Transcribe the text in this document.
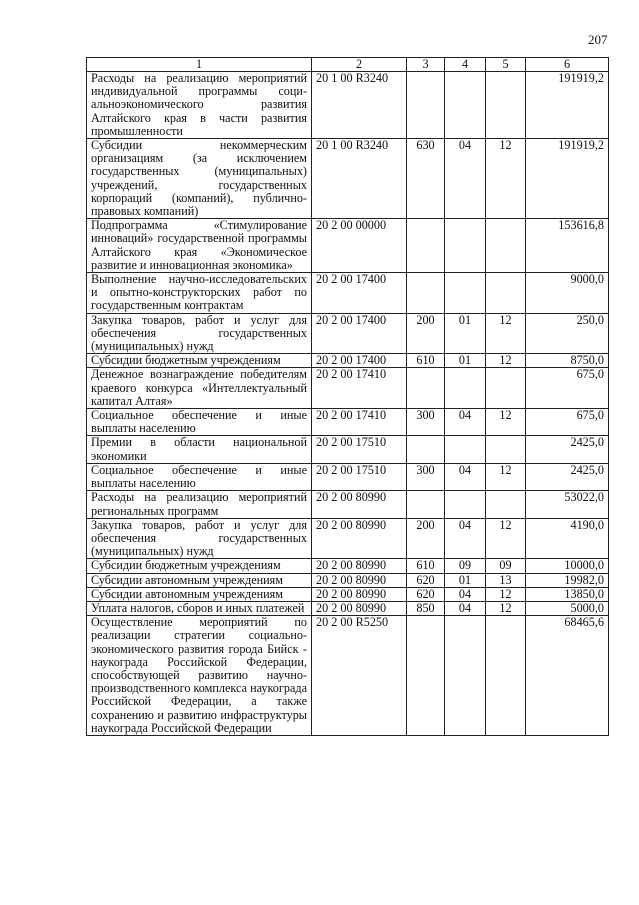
207
1	2	3	4	5	6
Расходы на реализацию мероприятий индивидуальной программы соци-альноэкономического развития Алтайского края в части развития промышленности	20 1 00 R3240				191919,2
Субсидии некоммерческим организациям (за исключением государственных (муниципальных) учреждений, государственных корпораций (компаний), публично-правовых компаний)	20 1 00 R3240	630	04	12	191919,2
Подпрограмма «Стимулирование инноваций» государственной программы Алтайского края «Экономическое развитие и инновационная экономика»	20 2 00 00000				153616,8
Выполнение научно-исследовательских и опытно-конструкторских работ по государственным контрактам	20 2 00 17400				9000,0
Закупка товаров, работ и услуг для обеспечения государственных (муниципальных) нужд	20 2 00 17400	200	01	12	250,0
Субсидии бюджетным учреждениям	20 2 00 17400	610	01	12	8750,0
Денежное вознаграждение победителям краевого конкурса «Интеллектуальный капитал Алтая»	20 2 00 17410				675,0
Социальное обеспечение и иные выплаты населению	20 2 00 17410	300	04	12	675,0
Премии в области национальной экономики	20 2 00 17510				2425,0
Социальное обеспечение и иные выплаты населению	20 2 00 17510	300	04	12	2425,0
Расходы на реализацию мероприятий региональных программ	20 2 00 80990				53022,0
Закупка товаров, работ и услуг для обеспечения государственных (муниципальных) нужд	20 2 00 80990	200	04	12	4190,0
Субсидии бюджетным учреждениям	20 2 00 80990	610	09	09	10000,0
Субсидии автономным учреждениям	20 2 00 80990	620	01	13	19982,0
Субсидии автономным учреждениям	20 2 00 80990	620	04	12	13850,0
Уплата налогов, сборов и иных платежей	20 2 00 80990	850	04	12	5000,0
Осуществление мероприятий по реализации стратегии социально-экономического развития города Бийск - наукограда Российской Федерации, способствующей развитию научно-производственного комплекса наукограда Российской Федерации, а также сохранению и развитию инфраструктуры наукограда Российской Федерации	20 2 00 R5250				68465,6
